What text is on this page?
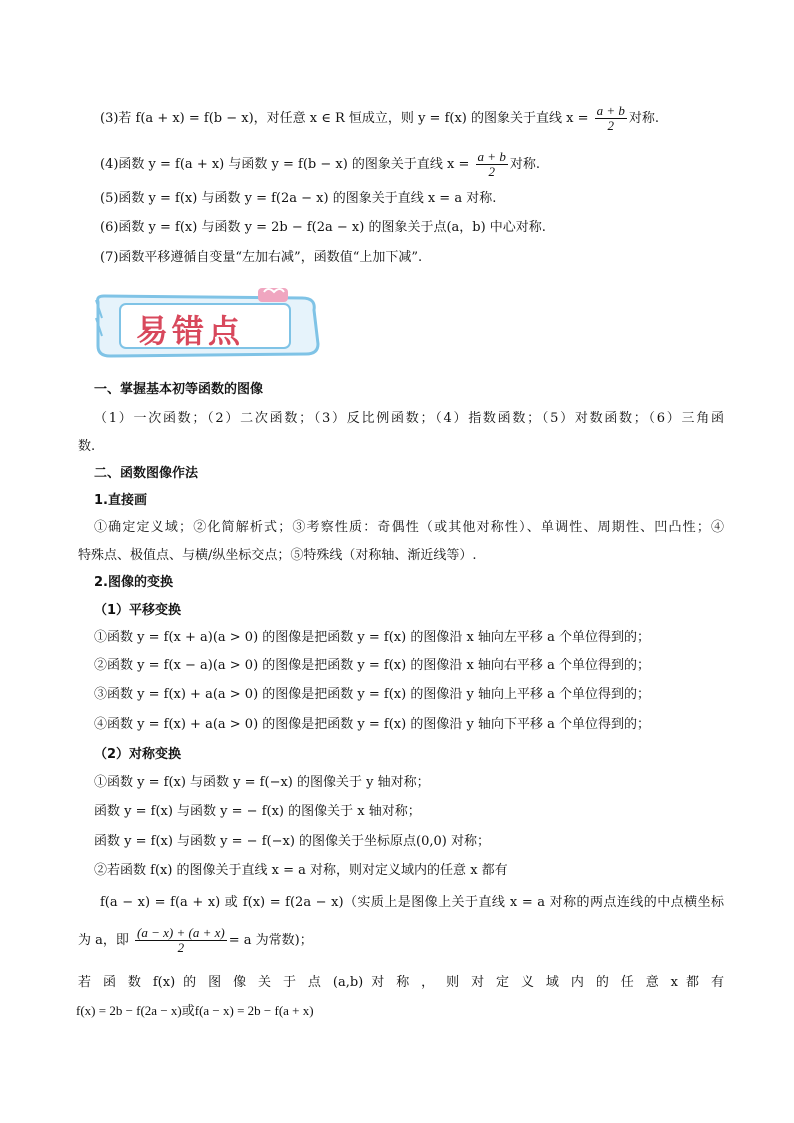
(3)若 f(a + x) = f(b − x)，对任意 x ∈ R 恒成立，则 y = f(x) 的图象关于直线 $x = \frac{a + b}{2}$ 对称.
(4)函数 y = f(a + x) 与函数 y = f(b − x) 的图象关于直线 $x = \frac{a + b}{2}$ 对称.
(5)函数 y = f(x) 与函数 y = f(2a − x) 的图象关于直线 x = a 对称.
(6)函数 y = f(x) 与函数 y = 2b − f(2a − x) 的图象关于点(a，b) 中心对称.
(7)函数平移遵循自变量“左加右减”，函数值“上加下减”.
易错点
一、掌握基本初等函数的图像
（1）一次函数；（2）二次函数；（3）反比例函数；（4）指数函数；（5）对数函数；（6）三角函
数.
二、函数图像作法
1.直接画
①确定定义域；②化简解析式；③考察性质：奇偶性（或其他对称性）、单调性、周期性、凹凸性；④
特殊点、极值点、与横/纵坐标交点；⑤特殊线（对称轴、渐近线等）.
2.图像的变换
（1）平移变换
①函数 y = f(x + a)(a > 0) 的图像是把函数 y = f(x) 的图像沿 x 轴向左平移 a 个单位得到的；
②函数 y = f(x − a)(a > 0) 的图像是把函数 y = f(x) 的图像沿 x 轴向右平移 a 个单位得到的；
③函数 y = f(x) + a(a > 0) 的图像是把函数 y = f(x) 的图像沿 y 轴向上平移 a 个单位得到的；
④函数 y = f(x) + a(a > 0) 的图像是把函数 y = f(x) 的图像沿 y 轴向下平移 a 个单位得到的；
（2）对称变换
①函数 y = f(x) 与函数 y = f(−x) 的图像关于 y 轴对称；
函数 y = f(x) 与函数 y = − f(x) 的图像关于 x 轴对称；
函数 y = f(x) 与函数 y = − f(−x) 的图像关于坐标原点(0,0) 对称；
②若函数 f(x) 的图像关于直线 x = a 对称，则对定义域内的任意 x 都有
f(a − x) = f(a + x) 或 f(x) = f(2a − x)（实质上是图像上关于直线 x = a 对称的两点连线的中点横坐标
为 a，即 $\frac{(a - x) + (a + x)}{2} = a$ 为常数)；
若 函 数 f(x) 的 图 像 关 于 点 (a,b) 对 称 ， 则 对 定 义 域 内 的 任 意 x 都 有
f(x) = 2b − f(2a − x)或f(a − x) = 2b − f(a + x)
